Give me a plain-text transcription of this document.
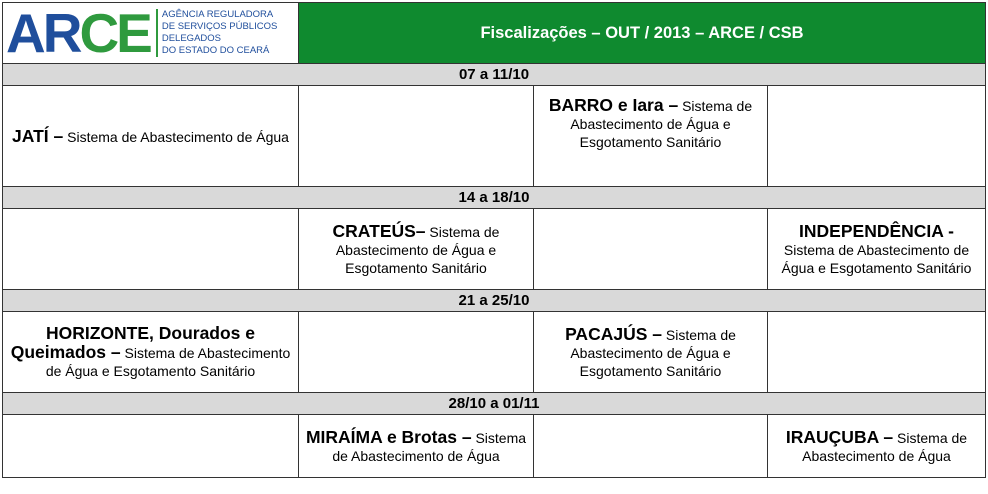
ARCE AGÊNCIA REGULADORA
DE SERVIÇOS PÚBLICOS
DELEGADOS
DO ESTADO DO CEARÁ	Fiscalizações – OUT / 2013 – ARCE / CSB		
07 a 11/10			
JATÍ – Sistema de Abastecimento de Água		BARRO e Iara – Sistema de Abastecimento de Água e Esgotamento Sanitário	
14 a 18/10			
	CRATEÚS– Sistema de Abastecimento de Água e Esgotamento Sanitário		INDEPENDÊNCIA -
Sistema de Abastecimento de Água e Esgotamento Sanitário
21 a 25/10			
HORIZONTE, Dourados e Queimados – Sistema de Abastecimento de Água e Esgotamento Sanitário		PACAJÚS – Sistema de Abastecimento de Água e Esgotamento Sanitário	
28/10 a 01/11			
	MIRAÍMA e Brotas – Sistema de Abastecimento de Água		IRAUÇUBA – Sistema de Abastecimento de Água
